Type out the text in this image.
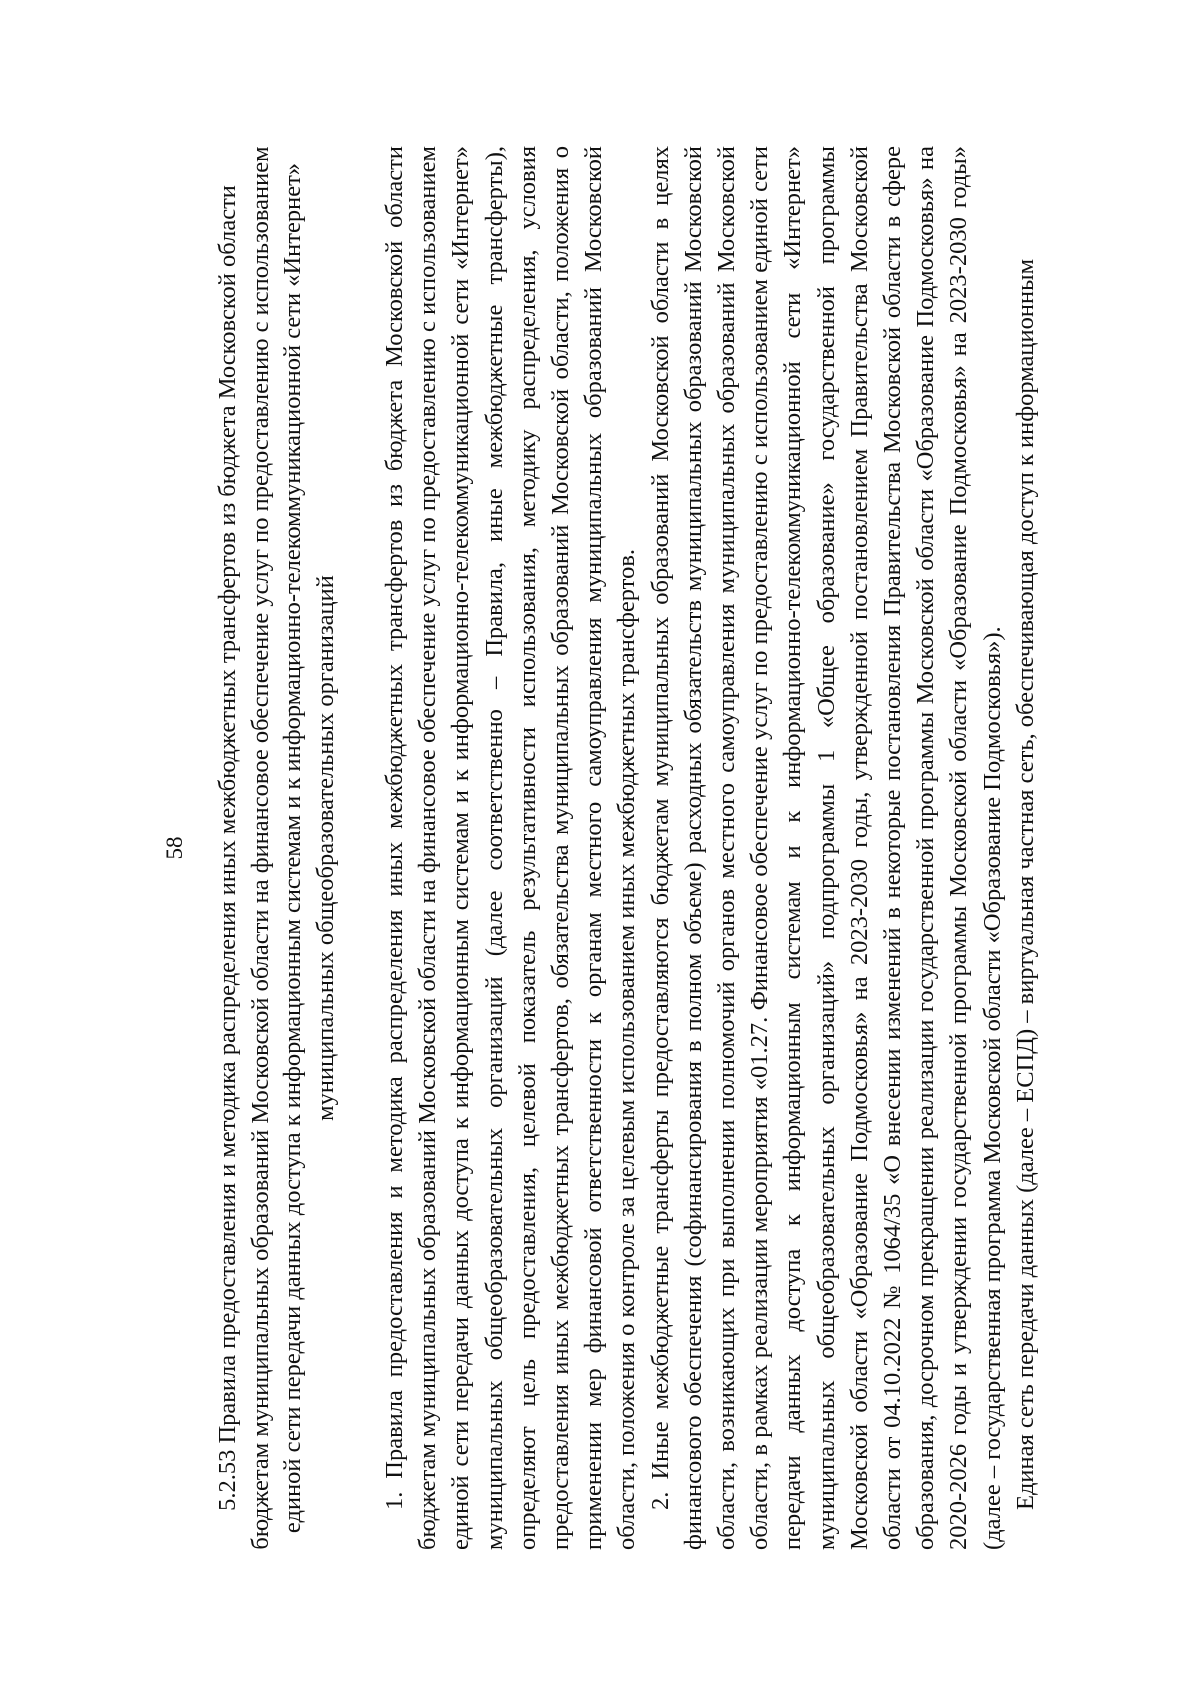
58 5.2.53 Правила предоставления и методика распределения иных межбюджетных трансфертов из бюджета Московской области бюджетам муниципальных образований Московской области на финансовое обеспечение услуг по предоставлению с использованием единой сети передачи данных доступа к информационным системам и к информационно-телекоммуникационной сети «Интернет» муниципальных общеобразовательных организаций 1. Правила предоставления и методика распределения иных межбюджетных трансфертов из бюджета Московской области бюджетам муниципальных образований Московской области на финансовое обеспечение услуг по предоставлению с использованием единой сети передачи данных доступа к информационным системам и к информационно-телекоммуникационной сети «Интернет» муниципальных общеобразовательных организаций (далее соответственно – Правила, иные межбюджетные трансферты), определяют цель предоставления, целевой показатель результативности использования, методику распределения, условия предоставления иных межбюджетных трансфертов, обязательства муниципальных образований Московской области, положения о применении мер финансовой ответственности к органам местного самоуправления муниципальных образований Московской области, положения о контроле за целевым использованием иных межбюджетных трансфертов. 2. Иные межбюджетные трансферты предоставляются бюджетам муниципальных образований Московской области в целях финансового обеспечения (софинансирования в полном объеме) расходных обязательств муниципальных образований Московской области, возникающих при выполнении полномочий органов местного самоуправления муниципальных образований Московской области, в рамках реализации мероприятия «01.27. Финансовое обеспечение услуг по предоставлению с использованием единой сети передачи данных доступа к информационным системам и к информационно-телекоммуникационной сети «Интернет» муниципальных общеобразовательных организаций» подпрограммы 1 «Общее образование» государственной программы Московской области «Образование Подмосковья» на 2023-2030 годы, утвержденной постановлением Правительства Московской области от 04.10.2022 № 1064/35 «О внесении изменений в некоторые постановления Правительства Московской области в сфере образования, досрочном прекращении реализации государственной программы Московской области «Образование Подмосковья» на 2020-2026 годы и утверждении государственной программы Московской области «Образование Подмосковья» на 2023-2030 годы» (далее – государственная программа Московской области «Образование Подмосковья»). Единая сеть передачи данных (далее – ЕСПД) – виртуальная частная сеть, обеспечивающая доступ к информационным
